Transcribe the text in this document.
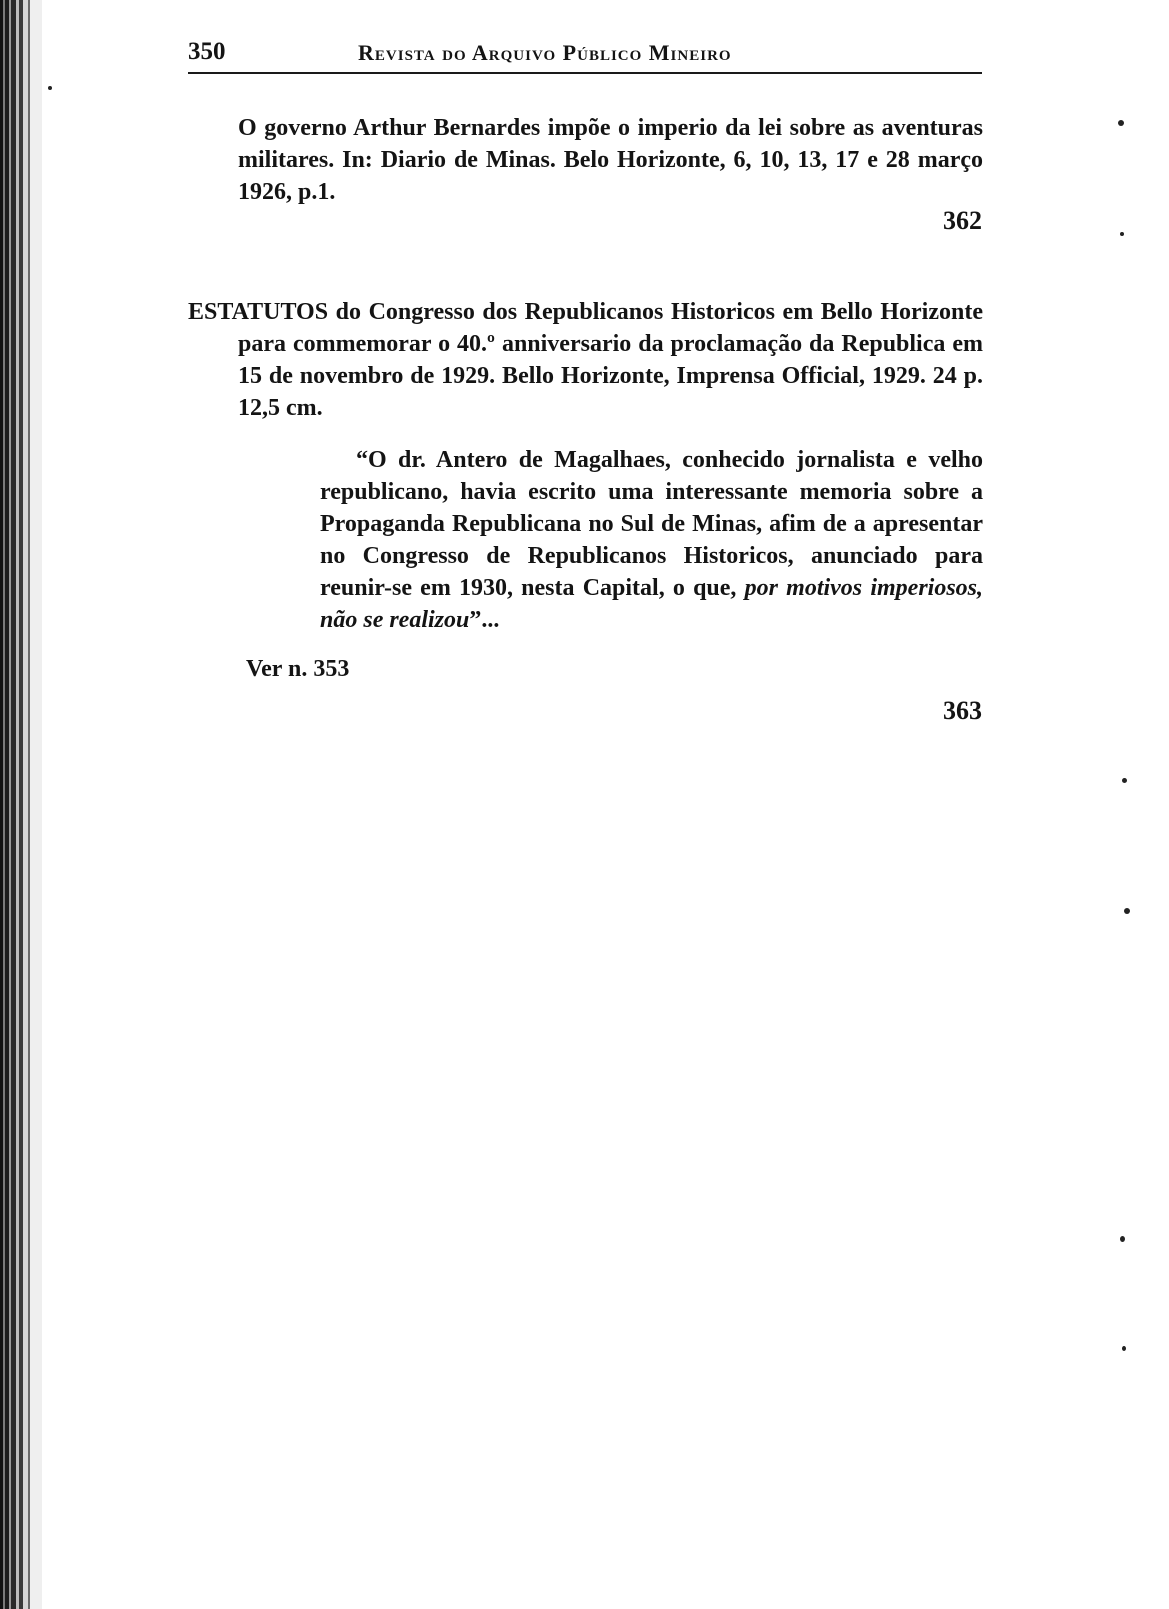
350	Revista do Arquivo Público Mineiro

O governo Arthur Bernardes impõe o imperio da lei sobre as aventuras militares. In: Diario de Minas. Belo Horizonte, 6, 10, 13, 17 e 28 março 1926, p.1.

362

ESTATUTOS do Congresso dos Republicanos Historicos em Bello Horizonte para commemorar o 40.º anniversario da proclamação da Republica em 15 de novembro de 1929. Bello Horizonte, Imprensa Official, 1929. 24 p. 12,5 cm.

“O dr. Antero de Magalhaes, conhecido jornalista e velho republicano, havia escrito uma interessante memoria sobre a Propaganda Republicana no Sul de Minas, afim de a apresentar no Congresso de Republicanos Historicos, anunciado para reunir-se em 1930, nesta Capital, o que, por motivos imperiosos, não se realizou”...

Ver n. 353
363
